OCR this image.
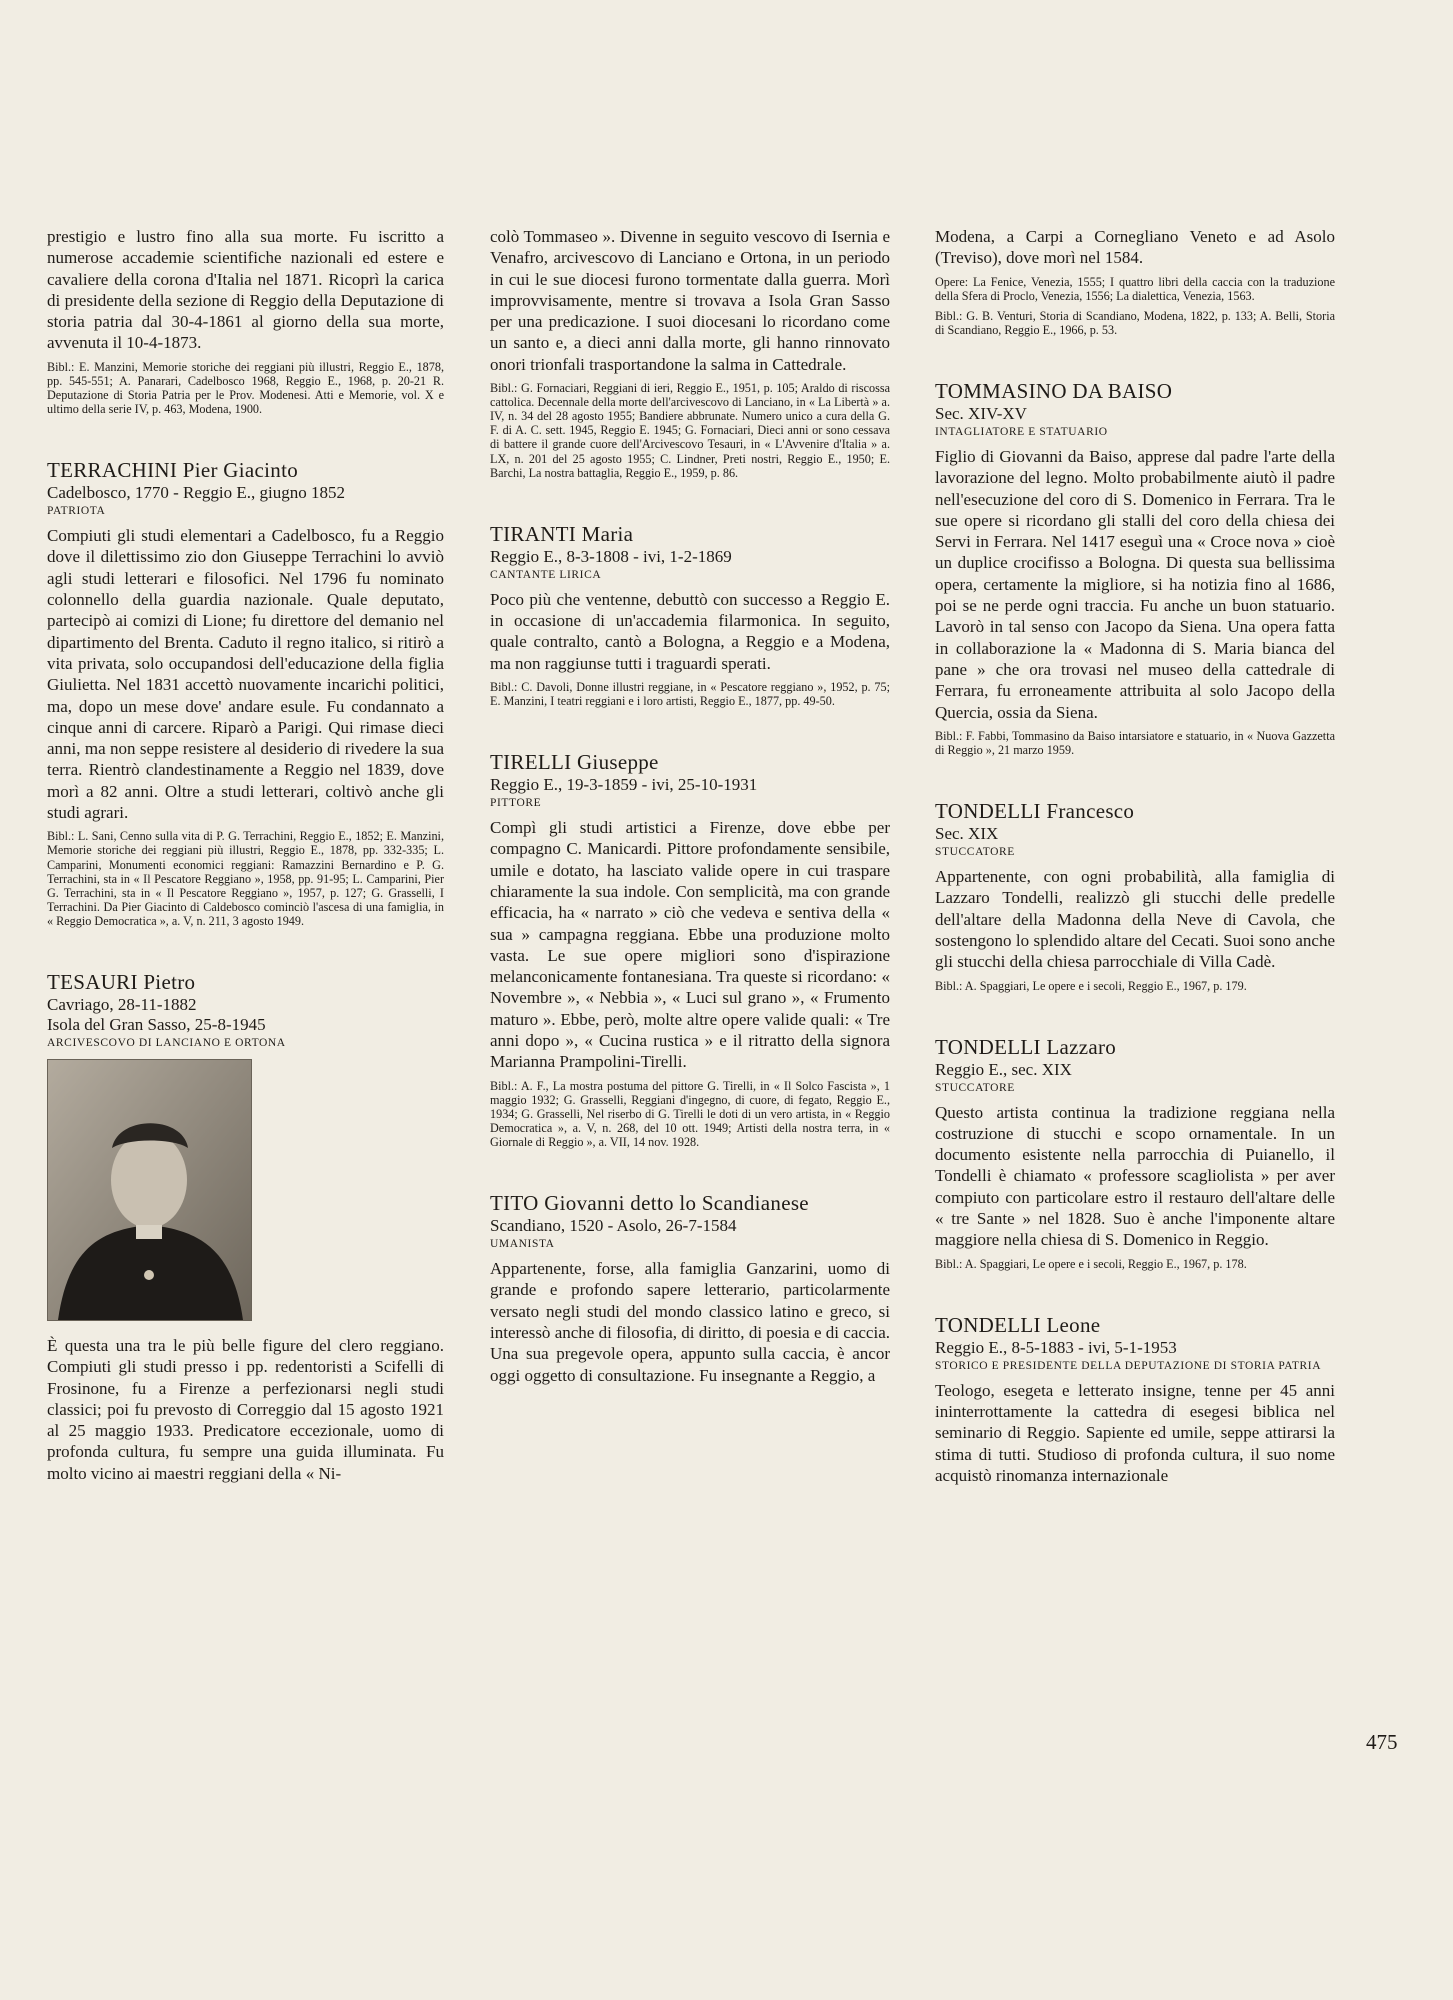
prestigio e lustro fino alla sua morte. Fu iscritto a numerose accademie scientifiche nazionali ed estere e cavaliere della corona d'Italia nel 1871. Ricoprì la carica di presidente della sezione di Reggio della Deputazione di storia patria dal 30-4-1861 al giorno della sua morte, avvenuta il 10-4-1873.

Bibl.: E. Manzini, Memorie storiche dei reggiani più illustri, Reggio E., 1878, pp. 545-551; A. Panarari, Cadelbosco 1968, Reggio E., 1968, p. 20-21 R. Deputazione di Storia Patria per le Prov. Modenesi. Atti e Memorie, vol. X e ultimo della serie IV, p. 463, Modena, 1900.

TERRACHINI Pier Giacinto

Cadelbosco, 1770 - Reggio E., giugno 1852

PATRIOTA

Compiuti gli studi elementari a Cadelbosco, fu a Reggio dove il dilettissimo zio don Giuseppe Terrachini lo avviò agli studi letterari e filosofici. Nel 1796 fu nominato colonnello della guardia nazionale. Quale deputato, partecipò ai comizi di Lione; fu direttore del demanio nel dipartimento del Brenta. Caduto il regno italico, si ritirò a vita privata, solo occupandosi dell'educazione della figlia Giulietta. Nel 1831 accettò nuovamente incarichi politici, ma, dopo un mese dove' andare esule. Fu condannato a cinque anni di carcere. Riparò a Parigi. Qui rimase dieci anni, ma non seppe resistere al desiderio di rivedere la sua terra. Rientrò clandestinamente a Reggio nel 1839, dove morì a 82 anni. Oltre a studi letterari, coltivò anche gli studi agrari.

Bibl.: L. Sani, Cenno sulla vita di P. G. Terrachini, Reggio E., 1852; E. Manzini, Memorie storiche dei reggiani più illustri, Reggio E., 1878, pp. 332-335; L. Camparini, Monumenti economici reggiani: Ramazzini Bernardino e P. G. Terrachini, sta in « Il Pescatore Reggiano », 1958, pp. 91-95; L. Camparini, Pier G. Terrachini, sta in « Il Pescatore Reggiano », 1957, p. 127; G. Grasselli, I Terrachini. Da Pier Giacinto di Caldebosco cominciò l'ascesa di una famiglia, in « Reggio Democratica », a. V, n. 211, 3 agosto 1949.

TESAURI Pietro

Cavriago, 28-11-1882

Isola del Gran Sasso, 25-8-1945

ARCIVESCOVO DI LANCIANO E ORTONA

È questa una tra le più belle figure del clero reggiano. Compiuti gli studi presso i pp. redentoristi a Scifelli di Frosinone, fu a Firenze a perfezionarsi negli studi classici; poi fu prevosto di Correggio dal 15 agosto 1921 al 25 maggio 1933. Predicatore eccezionale, uomo di profonda cultura, fu sempre una guida illuminata. Fu molto vicino ai maestri reggiani della « Ni-

colò Tommaseo ». Divenne in seguito vescovo di Isernia e Venafro, arcivescovo di Lanciano e Ortona, in un periodo in cui le sue diocesi furono tormentate dalla guerra. Morì improvvisamente, mentre si trovava a Isola Gran Sasso per una predicazione. I suoi diocesani lo ricordano come un santo e, a dieci anni dalla morte, gli hanno rinnovato onori trionfali trasportandone la salma in Cattedrale.

Bibl.: G. Fornaciari, Reggiani di ieri, Reggio E., 1951, p. 105; Araldo di riscossa cattolica. Decennale della morte dell'arcivescovo di Lanciano, in « La Libertà » a. IV, n. 34 del 28 agosto 1955; Bandiere abbrunate. Numero unico a cura della G. F. di A. C. sett. 1945, Reggio E. 1945; G. Fornaciari, Dieci anni or sono cessava di battere il grande cuore dell'Arcivescovo Tesauri, in « L'Avvenire d'Italia » a. LX, n. 201 del 25 agosto 1955; C. Lindner, Preti nostri, Reggio E., 1950; E. Barchi, La nostra battaglia, Reggio E., 1959, p. 86.

TIRANTI Maria

Reggio E., 8-3-1808 - ivi, 1-2-1869

CANTANTE LIRICA

Poco più che ventenne, debuttò con successo a Reggio E. in occasione di un'accademia filarmonica. In seguito, quale contralto, cantò a Bologna, a Reggio e a Modena, ma non raggiunse tutti i traguardi sperati.

Bibl.: C. Davoli, Donne illustri reggiane, in « Pescatore reggiano », 1952, p. 75; E. Manzini, I teatri reggiani e i loro artisti, Reggio E., 1877, pp. 49-50.

TIRELLI Giuseppe

Reggio E., 19-3-1859 - ivi, 25-10-1931

PITTORE

Compì gli studi artistici a Firenze, dove ebbe per compagno C. Manicardi. Pittore profondamente sensibile, umile e dotato, ha lasciato valide opere in cui traspare chiaramente la sua indole. Con semplicità, ma con grande efficacia, ha « narrato » ciò che vedeva e sentiva della « sua » campagna reggiana. Ebbe una produzione molto vasta. Le sue opere migliori sono d'ispirazione melanconicamente fontanesiana. Tra queste si ricordano: « Novembre », « Nebbia », « Luci sul grano », « Frumento maturo ». Ebbe, però, molte altre opere valide quali: « Tre anni dopo », « Cucina rustica » e il ritratto della signora Marianna Prampolini-Tirelli.

Bibl.: A. F., La mostra postuma del pittore G. Tirelli, in « Il Solco Fascista », 1 maggio 1932; G. Grasselli, Reggiani d'ingegno, di cuore, di fegato, Reggio E., 1934; G. Grasselli, Nel riserbo di G. Tirelli le doti di un vero artista, in « Reggio Democratica », a. V, n. 268, del 10 ott. 1949; Artisti della nostra terra, in « Giornale di Reggio », a. VII, 14 nov. 1928.

TITO Giovanni detto lo Scandianese

Scandiano, 1520 - Asolo, 26-7-1584

UMANISTA

Appartenente, forse, alla famiglia Ganzarini, uomo di grande e profondo sapere letterario, particolarmente versato negli studi del mondo classico latino e greco, si interessò anche di filosofia, di diritto, di poesia e di caccia. Una sua pregevole opera, appunto sulla caccia, è ancor oggi oggetto di consultazione. Fu insegnante a Reggio, a

Modena, a Carpi a Cornegliano Veneto e ad Asolo (Treviso), dove morì nel 1584.

Opere: La Fenice, Venezia, 1555; I quattro libri della caccia con la traduzione della Sfera di Proclo, Venezia, 1556; La dialettica, Venezia, 1563.

Bibl.: G. B. Venturi, Storia di Scandiano, Modena, 1822, p. 133; A. Belli, Storia di Scandiano, Reggio E., 1966, p. 53.

TOMMASINO DA BAISO

Sec. XIV-XV

INTAGLIATORE E STATUARIO

Figlio di Giovanni da Baiso, apprese dal padre l'arte della lavorazione del legno. Molto probabilmente aiutò il padre nell'esecuzione del coro di S. Domenico in Ferrara. Tra le sue opere si ricordano gli stalli del coro della chiesa dei Servi in Ferrara. Nel 1417 eseguì una « Croce nova » cioè un duplice crocifisso a Bologna. Di questa sua bellissima opera, certamente la migliore, si ha notizia fino al 1686, poi se ne perde ogni traccia. Fu anche un buon statuario. Lavorò in tal senso con Jacopo da Siena. Una opera fatta in collaborazione la « Madonna di S. Maria bianca del pane » che ora trovasi nel museo della cattedrale di Ferrara, fu erroneamente attribuita al solo Jacopo della Quercia, ossia da Siena.

Bibl.: F. Fabbi, Tommasino da Baiso intarsiatore e statuario, in « Nuova Gazzetta di Reggio », 21 marzo 1959.

TONDELLI Francesco

Sec. XIX

STUCCATORE

Appartenente, con ogni probabilità, alla famiglia di Lazzaro Tondelli, realizzò gli stucchi delle predelle dell'altare della Madonna della Neve di Cavola, che sostengono lo splendido altare del Cecati. Suoi sono anche gli stucchi della chiesa parrocchiale di Villa Cadè.

Bibl.: A. Spaggiari, Le opere e i secoli, Reggio E., 1967, p. 179.

TONDELLI Lazzaro

Reggio E., sec. XIX

STUCCATORE

Questo artista continua la tradizione reggiana nella costruzione di stucchi e scopo ornamentale. In un documento esistente nella parrocchia di Puianello, il Tondelli è chiamato « professore scagliolista » per aver compiuto con particolare estro il restauro dell'altare delle « tre Sante » nel 1828. Suo è anche l'imponente altare maggiore nella chiesa di S. Domenico in Reggio.

Bibl.: A. Spaggiari, Le opere e i secoli, Reggio E., 1967, p. 178.

TONDELLI Leone

Reggio E., 8-5-1883 - ivi, 5-1-1953

STORICO E PRESIDENTE DELLA DEPUTAZIONE DI STORIA PATRIA

Teologo, esegeta e letterato insigne, tenne per 45 anni ininterrottamente la cattedra di esegesi biblica nel seminario di Reggio. Sapiente ed umile, seppe attirarsi la stima di tutti. Studioso di profonda cultura, il suo nome acquistò rinomanza internazionale

475
